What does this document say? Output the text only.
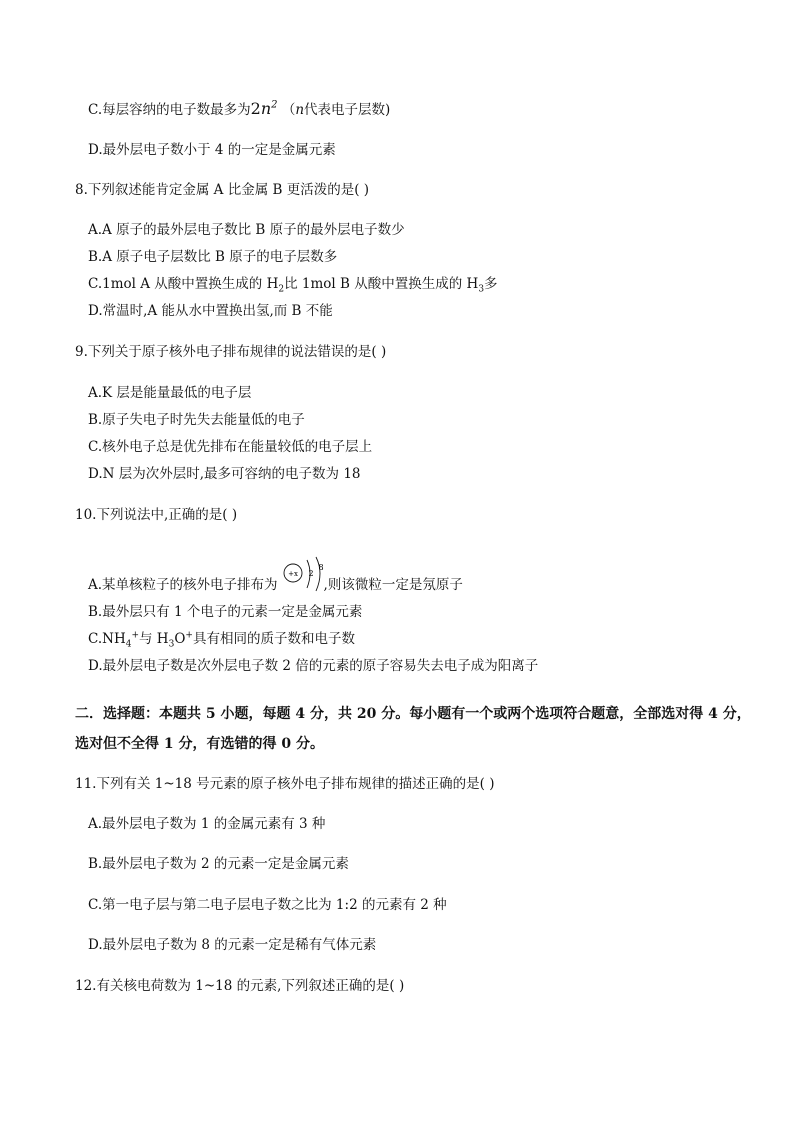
C.每层容纳的电子数最多为$2n^2$ （n代表电子层数)
D.最外层电子数小于 4 的一定是金属元素
8.下列叙述能肯定金属 A 比金属 B 更活泼的是( )
A.A 原子的最外层电子数比 B 原子的最外层电子数少
B.A 原子电子层数比 B 原子的电子层数多
C.1mol A 从酸中置换生成的 $H_2$比 1mol B 从酸中置换生成的 $H_3$多
D.常温时,A 能从水中置换出氢,而 B 不能
9.下列关于原子核外电子排布规律的说法错误的是( )
A.K 层是能量最低的电子层
B.原子失电子时先失去能量低的电子
C.核外电子总是优先排布在能量较低的电子层上
D.N 层为次外层时,最多可容纳的电子数为 18
10.下列说法中,正确的是( )
A.某单核粒子的核外电子排布为	,则该微粒一定是氖原子
+x 2
8
B.最外层只有 1 个电子的元素一定是金属元素
$C.NH_4^+$与 $H_3O^+$具有相同的质子数和电子数
D.最外层电子数是次外层电子数 2 倍的元素的原子容易失去电子成为阳离子
二．选择题：本题共 5 小题，每题 4 分，共 20 分。每小题有一个或两个选项符合题意，全部选对得 4 分，
选对但不全得 1 分，有选错的得 0 分。
11.下列有关 1~18 号元素的原子核外电子排布规律的描述正确的是( )
A.最外层电子数为 1 的金属元素有 3 种
B.最外层电子数为 2 的元素一定是金属元素
C.第一电子层与第二电子层电子数之比为 1:2 的元素有 2 种
D.最外层电子数为 8 的元素一定是稀有气体元素
12.有关核电荷数为 1~18 的元素,下列叙述正确的是( )
